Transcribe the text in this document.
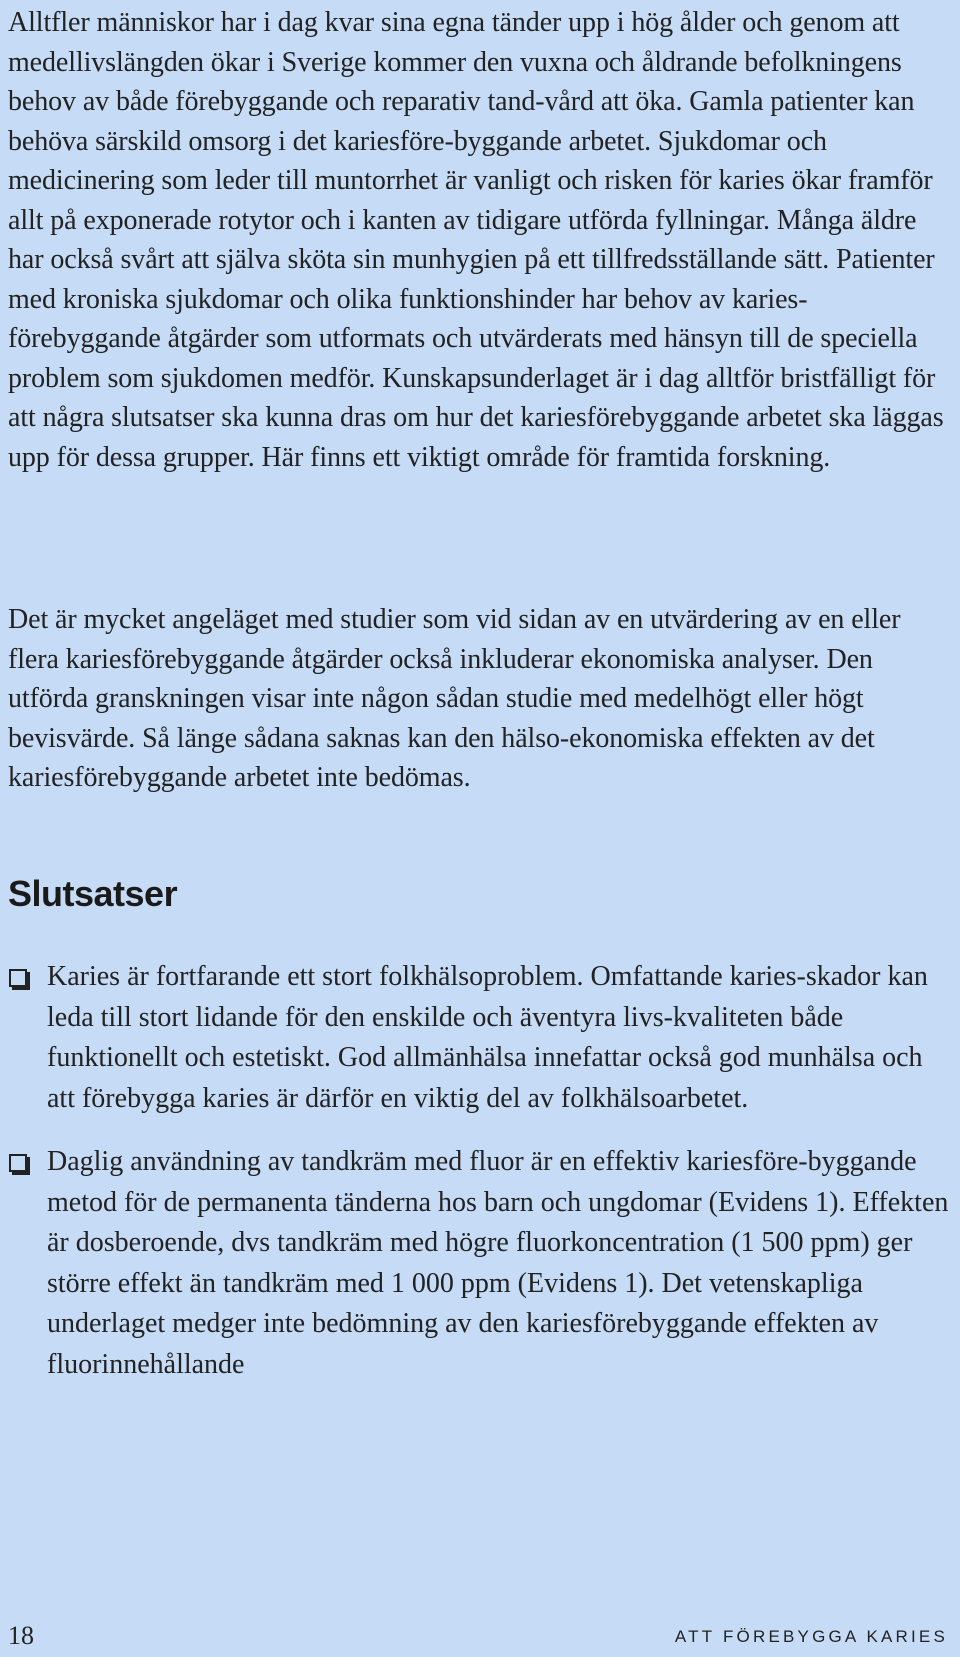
Alltfler människor har i dag kvar sina egna tänder upp i hög ålder och genom att medellivslängden ökar i Sverige kommer den vuxna och åldrande befolkningens behov av både förebyggande och reparativ tand-vård att öka. Gamla patienter kan behöva särskild omsorg i det kariesföre-byggande arbetet. Sjukdomar och medicinering som leder till muntorrhet är vanligt och risken för karies ökar framför allt på exponerade rotytor och i kanten av tidigare utförda fyllningar. Många äldre har också svårt att själva sköta sin munhygien på ett tillfredsställande sätt. Patienter med kroniska sjukdomar och olika funktionshinder har behov av karies-förebyggande åtgärder som utformats och utvärderats med hänsyn till de speciella problem som sjukdomen medför. Kunskapsunderlaget är i dag alltför bristfälligt för att några slutsatser ska kunna dras om hur det kariesförebyggande arbetet ska läggas upp för dessa grupper. Här finns ett viktigt område för framtida forskning.

Det är mycket angeläget med studier som vid sidan av en utvärdering av en eller flera kariesförebyggande åtgärder också inkluderar ekonomiska analyser. Den utförda granskningen visar inte någon sådan studie med medelhögt eller högt bevisvärde. Så länge sådana saknas kan den hälso-ekonomiska effekten av det kariesförebyggande arbetet inte bedömas.

Slutsatser

Karies är fortfarande ett stort folkhälsoproblem. Omfattande karies-skador kan leda till stort lidande för den enskilde och äventyra livs-kvaliteten både funktionellt och estetiskt. God allmänhälsa innefattar också god munhälsa och att förebygga karies är därför en viktig del av folkhälsoarbetet.

Daglig användning av tandkräm med fluor är en effektiv kariesföre-byggande metod för de permanenta tänderna hos barn och ungdomar (Evidens 1). Effekten är dosberoende, dvs tandkräm med högre fluorkoncentration (1 500 ppm) ger större effekt än tandkräm med 1 000 ppm (Evidens 1). Det vetenskapliga underlaget medger inte bedömning av den kariesförebyggande effekten av fluorinnehållande

18	ATT FÖREBYGGA KARIES
